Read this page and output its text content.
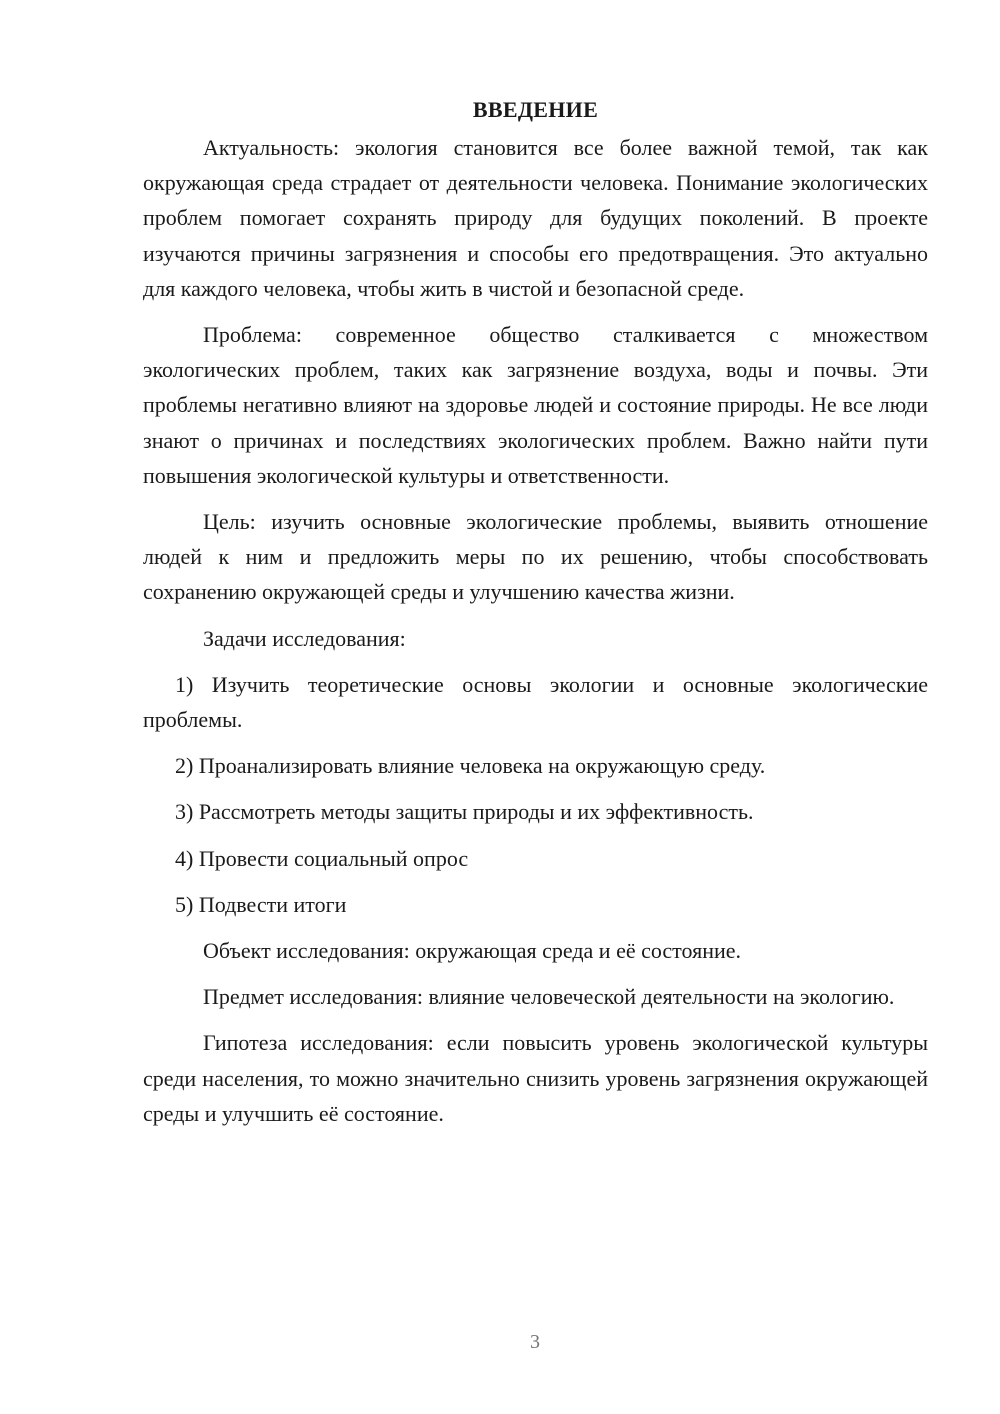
ВВЕДЕНИЕ

Актуальность: экология становится все более важной темой, так как окружающая среда страдает от деятельности человека. Понимание экологических проблем помогает сохранять природу для будущих поколений. В проекте изучаются причины загрязнения и способы его предотвращения. Это актуально для каждого человека, чтобы жить в чистой и безопасной среде.

Проблема: современное общество сталкивается с множеством экологических проблем, таких как загрязнение воздуха, воды и почвы. Эти проблемы негативно влияют на здоровье людей и состояние природы. Не все люди знают о причинах и последствиях экологических проблем. Важно найти пути повышения экологической культуры и ответственности.

Цель: изучить основные экологические проблемы, выявить отношение людей к ним и предложить меры по их решению, чтобы способствовать сохранению окружающей среды и улучшению качества жизни.

Задачи исследования:

1) Изучить теоретические основы экологии и основные экологические проблемы.

2) Проанализировать влияние человека на окружающую среду.

3) Рассмотреть методы защиты природы и их эффективность.

4) Провести социальный опрос

5) Подвести итоги

Объект исследования: окружающая среда и её состояние.

Предмет исследования: влияние человеческой деятельности на экологию.

Гипотеза исследования: если повысить уровень экологической культуры среди населения, то можно значительно снизить уровень загрязнения окружающей среды и улучшить её состояние.

3
